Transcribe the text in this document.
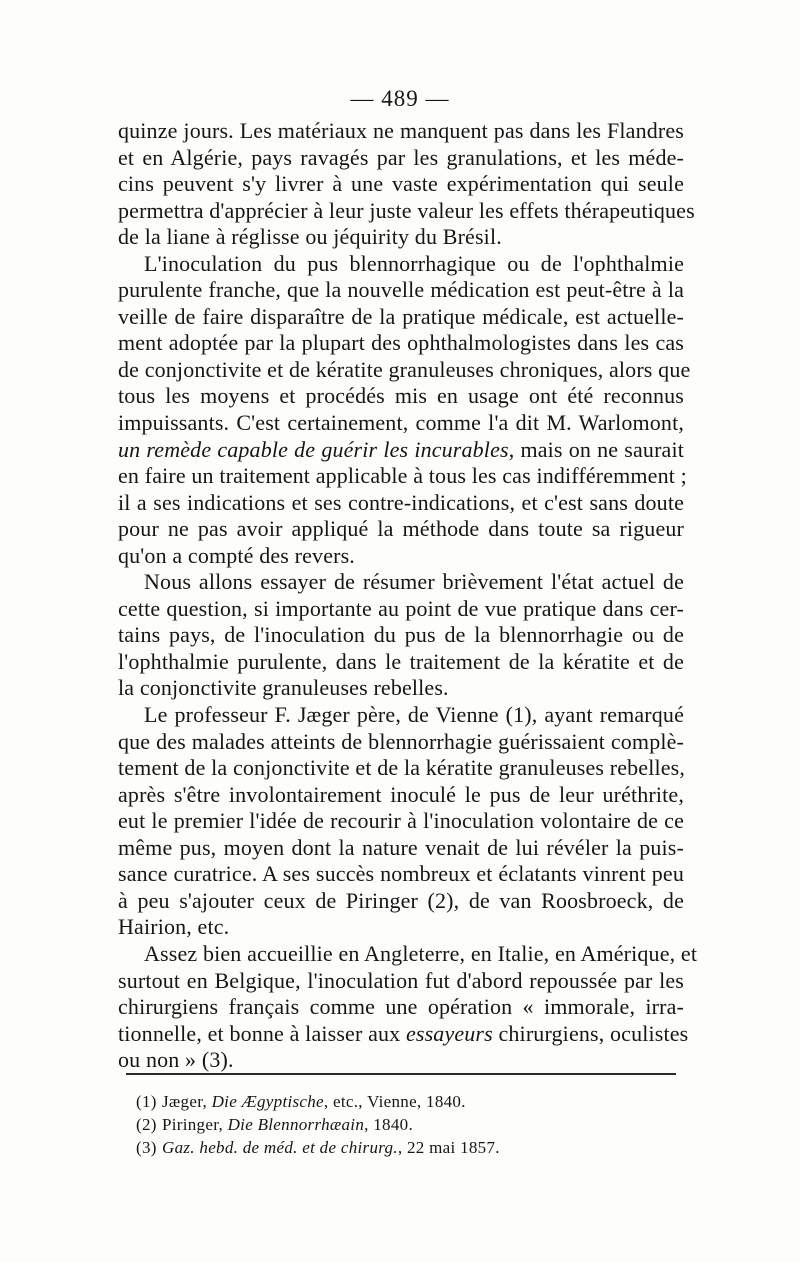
— 489 —
quinze jours. Les matériaux ne manquent pas dans les Flandres
et en Algérie, pays ravagés par les granulations, et les méde-
cins peuvent s'y livrer à une vaste expérimentation qui seule
permettra d'apprécier à leur juste valeur les effets thérapeutiques
de la liane à réglisse ou jéquirity du Brésil.
L'inoculation du pus blennorrhagique ou de l'ophthalmie
purulente franche, que la nouvelle médication est peut-être à la
veille de faire disparaître de la pratique médicale, est actuelle-
ment adoptée par la plupart des ophthalmologistes dans les cas
de conjonctivite et de kératite granuleuses chroniques, alors que
tous les moyens et procédés mis en usage ont été reconnus
impuissants. C'est certainement, comme l'a dit M. Warlomont,
un remède capable de guérir les incurables, mais on ne saurait
en faire un traitement applicable à tous les cas indifféremment ;
il a ses indications et ses contre-indications, et c'est sans doute
pour ne pas avoir appliqué la méthode dans toute sa rigueur
qu'on a compté des revers.
Nous allons essayer de résumer brièvement l'état actuel de
cette question, si importante au point de vue pratique dans cer-
tains pays, de l'inoculation du pus de la blennorrhagie ou de
l'ophthalmie purulente, dans le traitement de la kératite et de
la conjonctivite granuleuses rebelles.
Le professeur F. Jæger père, de Vienne (1), ayant remarqué
que des malades atteints de blennorrhagie guérissaient complè-
tement de la conjonctivite et de la kératite granuleuses rebelles,
après s'être involontairement inoculé le pus de leur uréthrite,
eut le premier l'idée de recourir à l'inoculation volontaire de ce
même pus, moyen dont la nature venait de lui révéler la puis-
sance curatrice. A ses succès nombreux et éclatants vinrent peu
à peu s'ajouter ceux de Piringer (2), de van Roosbroeck, de
Hairion, etc.
Assez bien accueillie en Angleterre, en Italie, en Amérique, et
surtout en Belgique, l'inoculation fut d'abord repoussée par les
chirurgiens français comme une opération « immorale, irra-
tionnelle, et bonne à laisser aux essayeurs chirurgiens, oculistes
ou non » (3).
(1) Jæger, Die Ægyptische, etc., Vienne, 1840.
(2) Piringer, Die Blennorrhæain, 1840.
(3) Gaz. hebd. de méd. et de chirurg., 22 mai 1857.
